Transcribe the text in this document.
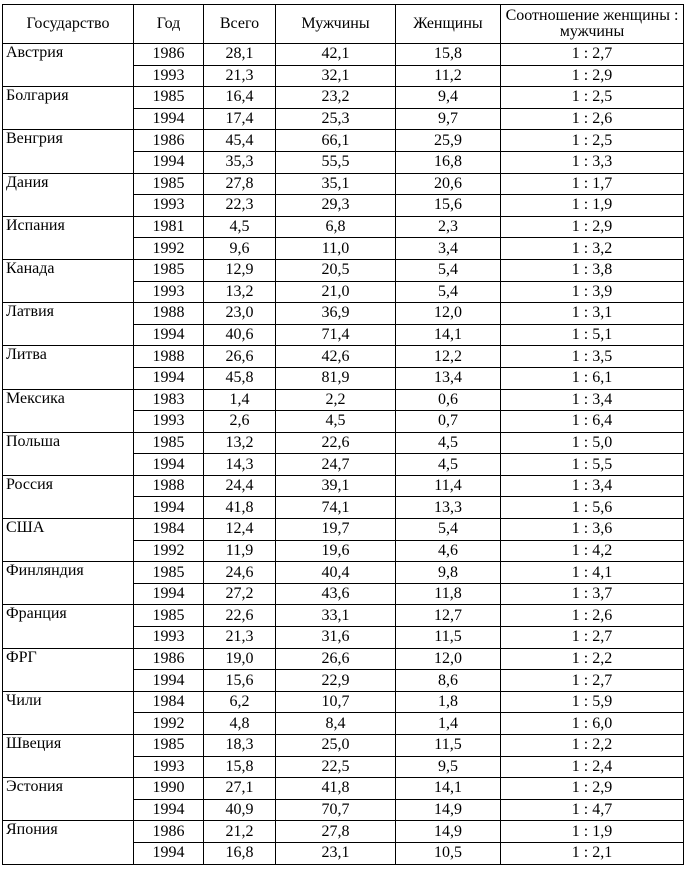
Государство	Год	Всего	Мужчины	Женщины	Соотношение женщины : мужчины
Австрия	1986	28,1	42,1	15,8	1 : 2,7
	1993	21,3	32,1	11,2	1 : 2,9
Болгария	1985	16,4	23,2	9,4	1 : 2,5
	1994	17,4	25,3	9,7	1 : 2,6
Венгрия	1986	45,4	66,1	25,9	1 : 2,5
	1994	35,3	55,5	16,8	1 : 3,3
Дания	1985	27,8	35,1	20,6	1 : 1,7
	1993	22,3	29,3	15,6	1 : 1,9
Испания	1981	4,5	6,8	2,3	1 : 2,9
	1992	9,6	11,0	3,4	1 : 3,2
Канада	1985	12,9	20,5	5,4	1 : 3,8
	1993	13,2	21,0	5,4	1 : 3,9
Латвия	1988	23,0	36,9	12,0	1 : 3,1
	1994	40,6	71,4	14,1	1 : 5,1
Литва	1988	26,6	42,6	12,2	1 : 3,5
	1994	45,8	81,9	13,4	1 : 6,1
Мексика	1983	1,4	2,2	0,6	1 : 3,4
	1993	2,6	4,5	0,7	1 : 6,4
Польша	1985	13,2	22,6	4,5	1 : 5,0
	1994	14,3	24,7	4,5	1 : 5,5
Россия	1988	24,4	39,1	11,4	1 : 3,4
	1994	41,8	74,1	13,3	1 : 5,6
США	1984	12,4	19,7	5,4	1 : 3,6
	1992	11,9	19,6	4,6	1 : 4,2
Финляндия	1985	24,6	40,4	9,8	1 : 4,1
	1994	27,2	43,6	11,8	1 : 3,7
Франция	1985	22,6	33,1	12,7	1 : 2,6
	1993	21,3	31,6	11,5	1 : 2,7
ФРГ	1986	19,0	26,6	12,0	1 : 2,2
	1994	15,6	22,9	8,6	1 : 2,7
Чили	1984	6,2	10,7	1,8	1 : 5,9
	1992	4,8	8,4	1,4	1 : 6,0
Швеция	1985	18,3	25,0	11,5	1 : 2,2
	1993	15,8	22,5	9,5	1 : 2,4
Эстония	1990	27,1	41,8	14,1	1 : 2,9
	1994	40,9	70,7	14,9	1 : 4,7
Япония	1986	21,2	27,8	14,9	1 : 1,9
	1994	16,8	23,1	10,5	1 : 2,1
